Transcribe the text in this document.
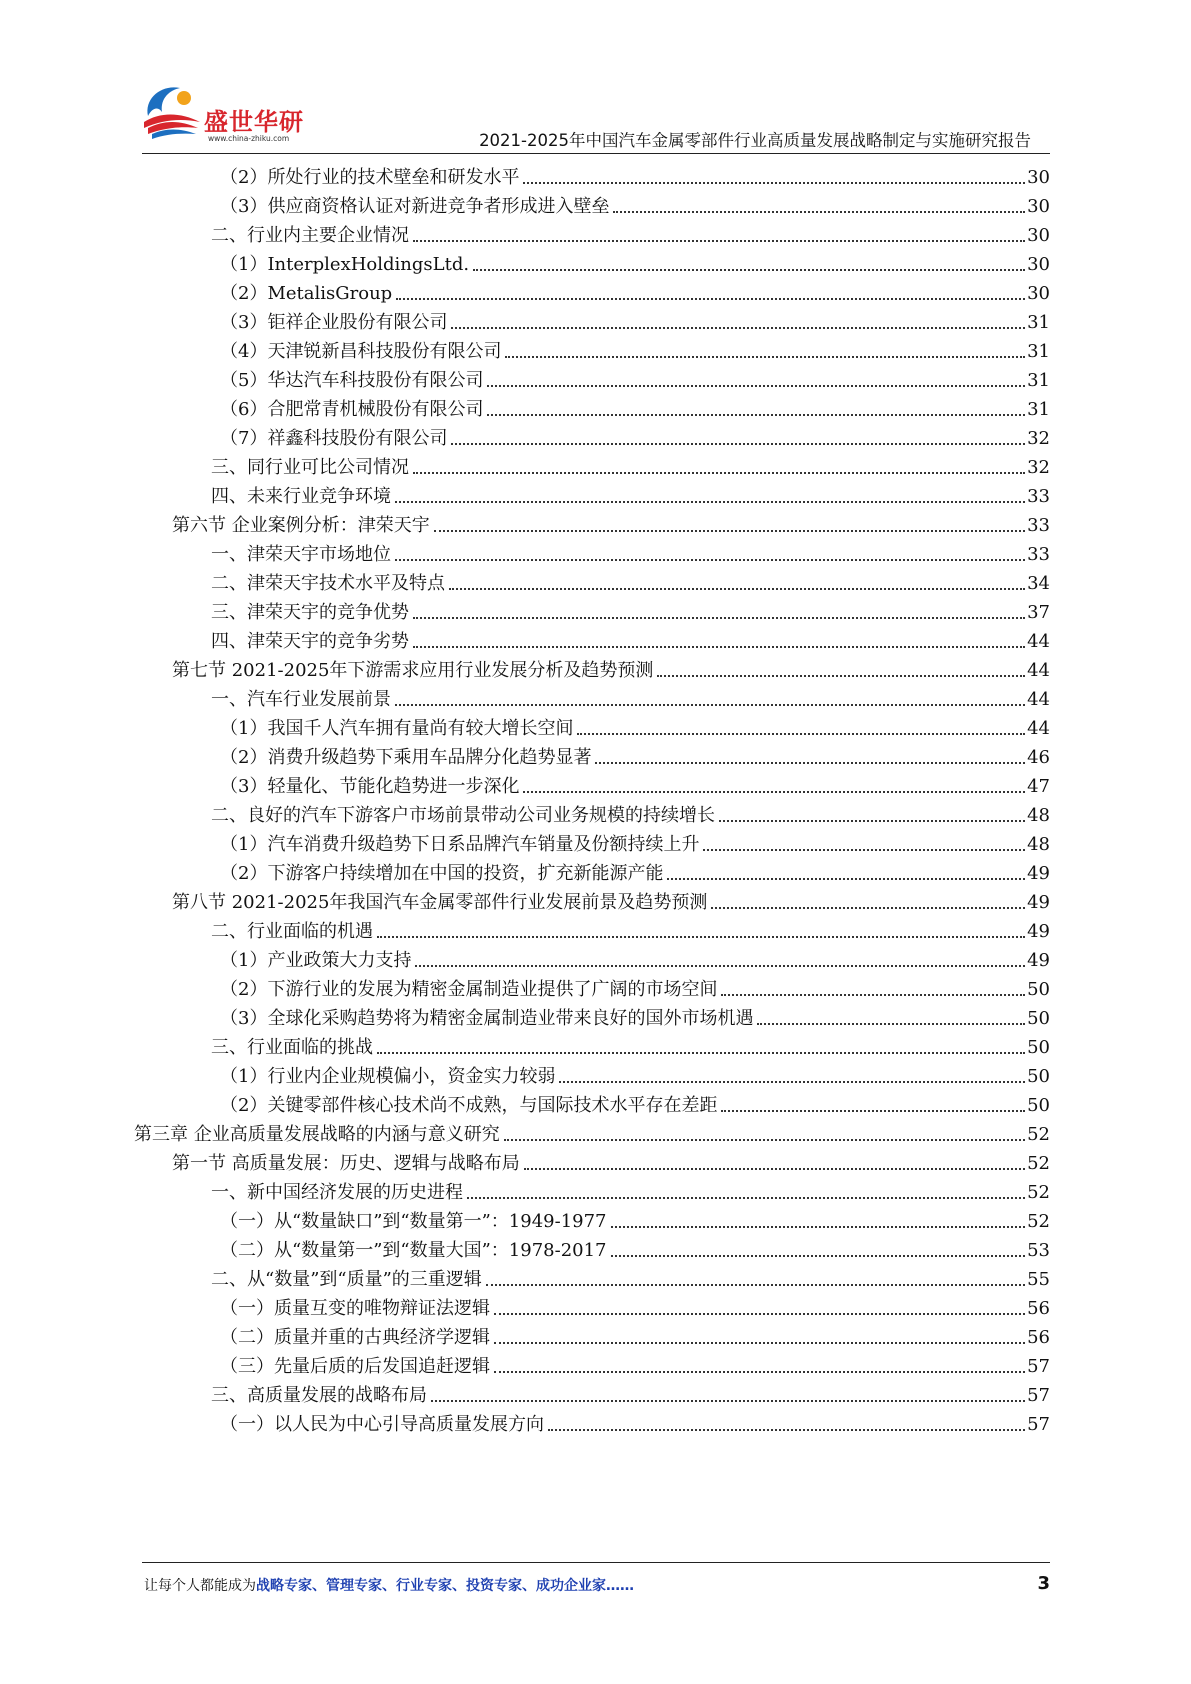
盛世华研
www.china-zhiku.com	2021-2025年中国汽车金属零部件行业高质量发展战略制定与实施研究报告
（2）所处行业的技术壁垒和研发水平	30
（3）供应商资格认证对新进竞争者形成进入壁垒	30
二、行业内主要企业情况	30
（1）InterplexHoldingsLtd.	30
（2）MetalisGroup	30
（3）钜祥企业股份有限公司	31
（4）天津锐新昌科技股份有限公司	31
（5）华达汽车科技股份有限公司	31
（6）合肥常青机械股份有限公司	31
（7）祥鑫科技股份有限公司	32
三、同行业可比公司情况	32
四、未来行业竞争环境	33
第六节 企业案例分析：津荣天宇	33
一、津荣天宇市场地位	33
二、津荣天宇技术水平及特点	34
三、津荣天宇的竞争优势	37
四、津荣天宇的竞争劣势	44
第七节 2021-2025年下游需求应用行业发展分析及趋势预测	44
一、汽车行业发展前景	44
（1）我国千人汽车拥有量尚有较大增长空间	44
（2）消费升级趋势下乘用车品牌分化趋势显著	46
（3）轻量化、节能化趋势进一步深化	47
二、良好的汽车下游客户市场前景带动公司业务规模的持续增长	48
（1）汽车消费升级趋势下日系品牌汽车销量及份额持续上升	48
（2）下游客户持续增加在中国的投资，扩充新能源产能	49
第八节 2021-2025年我国汽车金属零部件行业发展前景及趋势预测	49
二、行业面临的机遇	49
（1）产业政策大力支持	49
（2）下游行业的发展为精密金属制造业提供了广阔的市场空间	50
（3）全球化采购趋势将为精密金属制造业带来良好的国外市场机遇	50
三、行业面临的挑战	50
（1）行业内企业规模偏小，资金实力较弱	50
（2）关键零部件核心技术尚不成熟，与国际技术水平存在差距	50
第三章 企业高质量发展战略的内涵与意义研究	52
第一节 高质量发展：历史、逻辑与战略布局	52
一、新中国经济发展的历史进程	52
（一）从“数量缺口”到“数量第一”：1949-1977	52
（二）从“数量第一”到“数量大国”：1978-2017	53
二、从“数量”到“质量”的三重逻辑	55
（一）质量互变的唯物辩证法逻辑	56
（二）质量并重的古典经济学逻辑	56
（三）先量后质的后发国追赶逻辑	57
三、高质量发展的战略布局	57
（一）以人民为中心引导高质量发展方向	57
让每个人都能成为战略专家、管理专家、行业专家、投资专家、成功企业家……	3
